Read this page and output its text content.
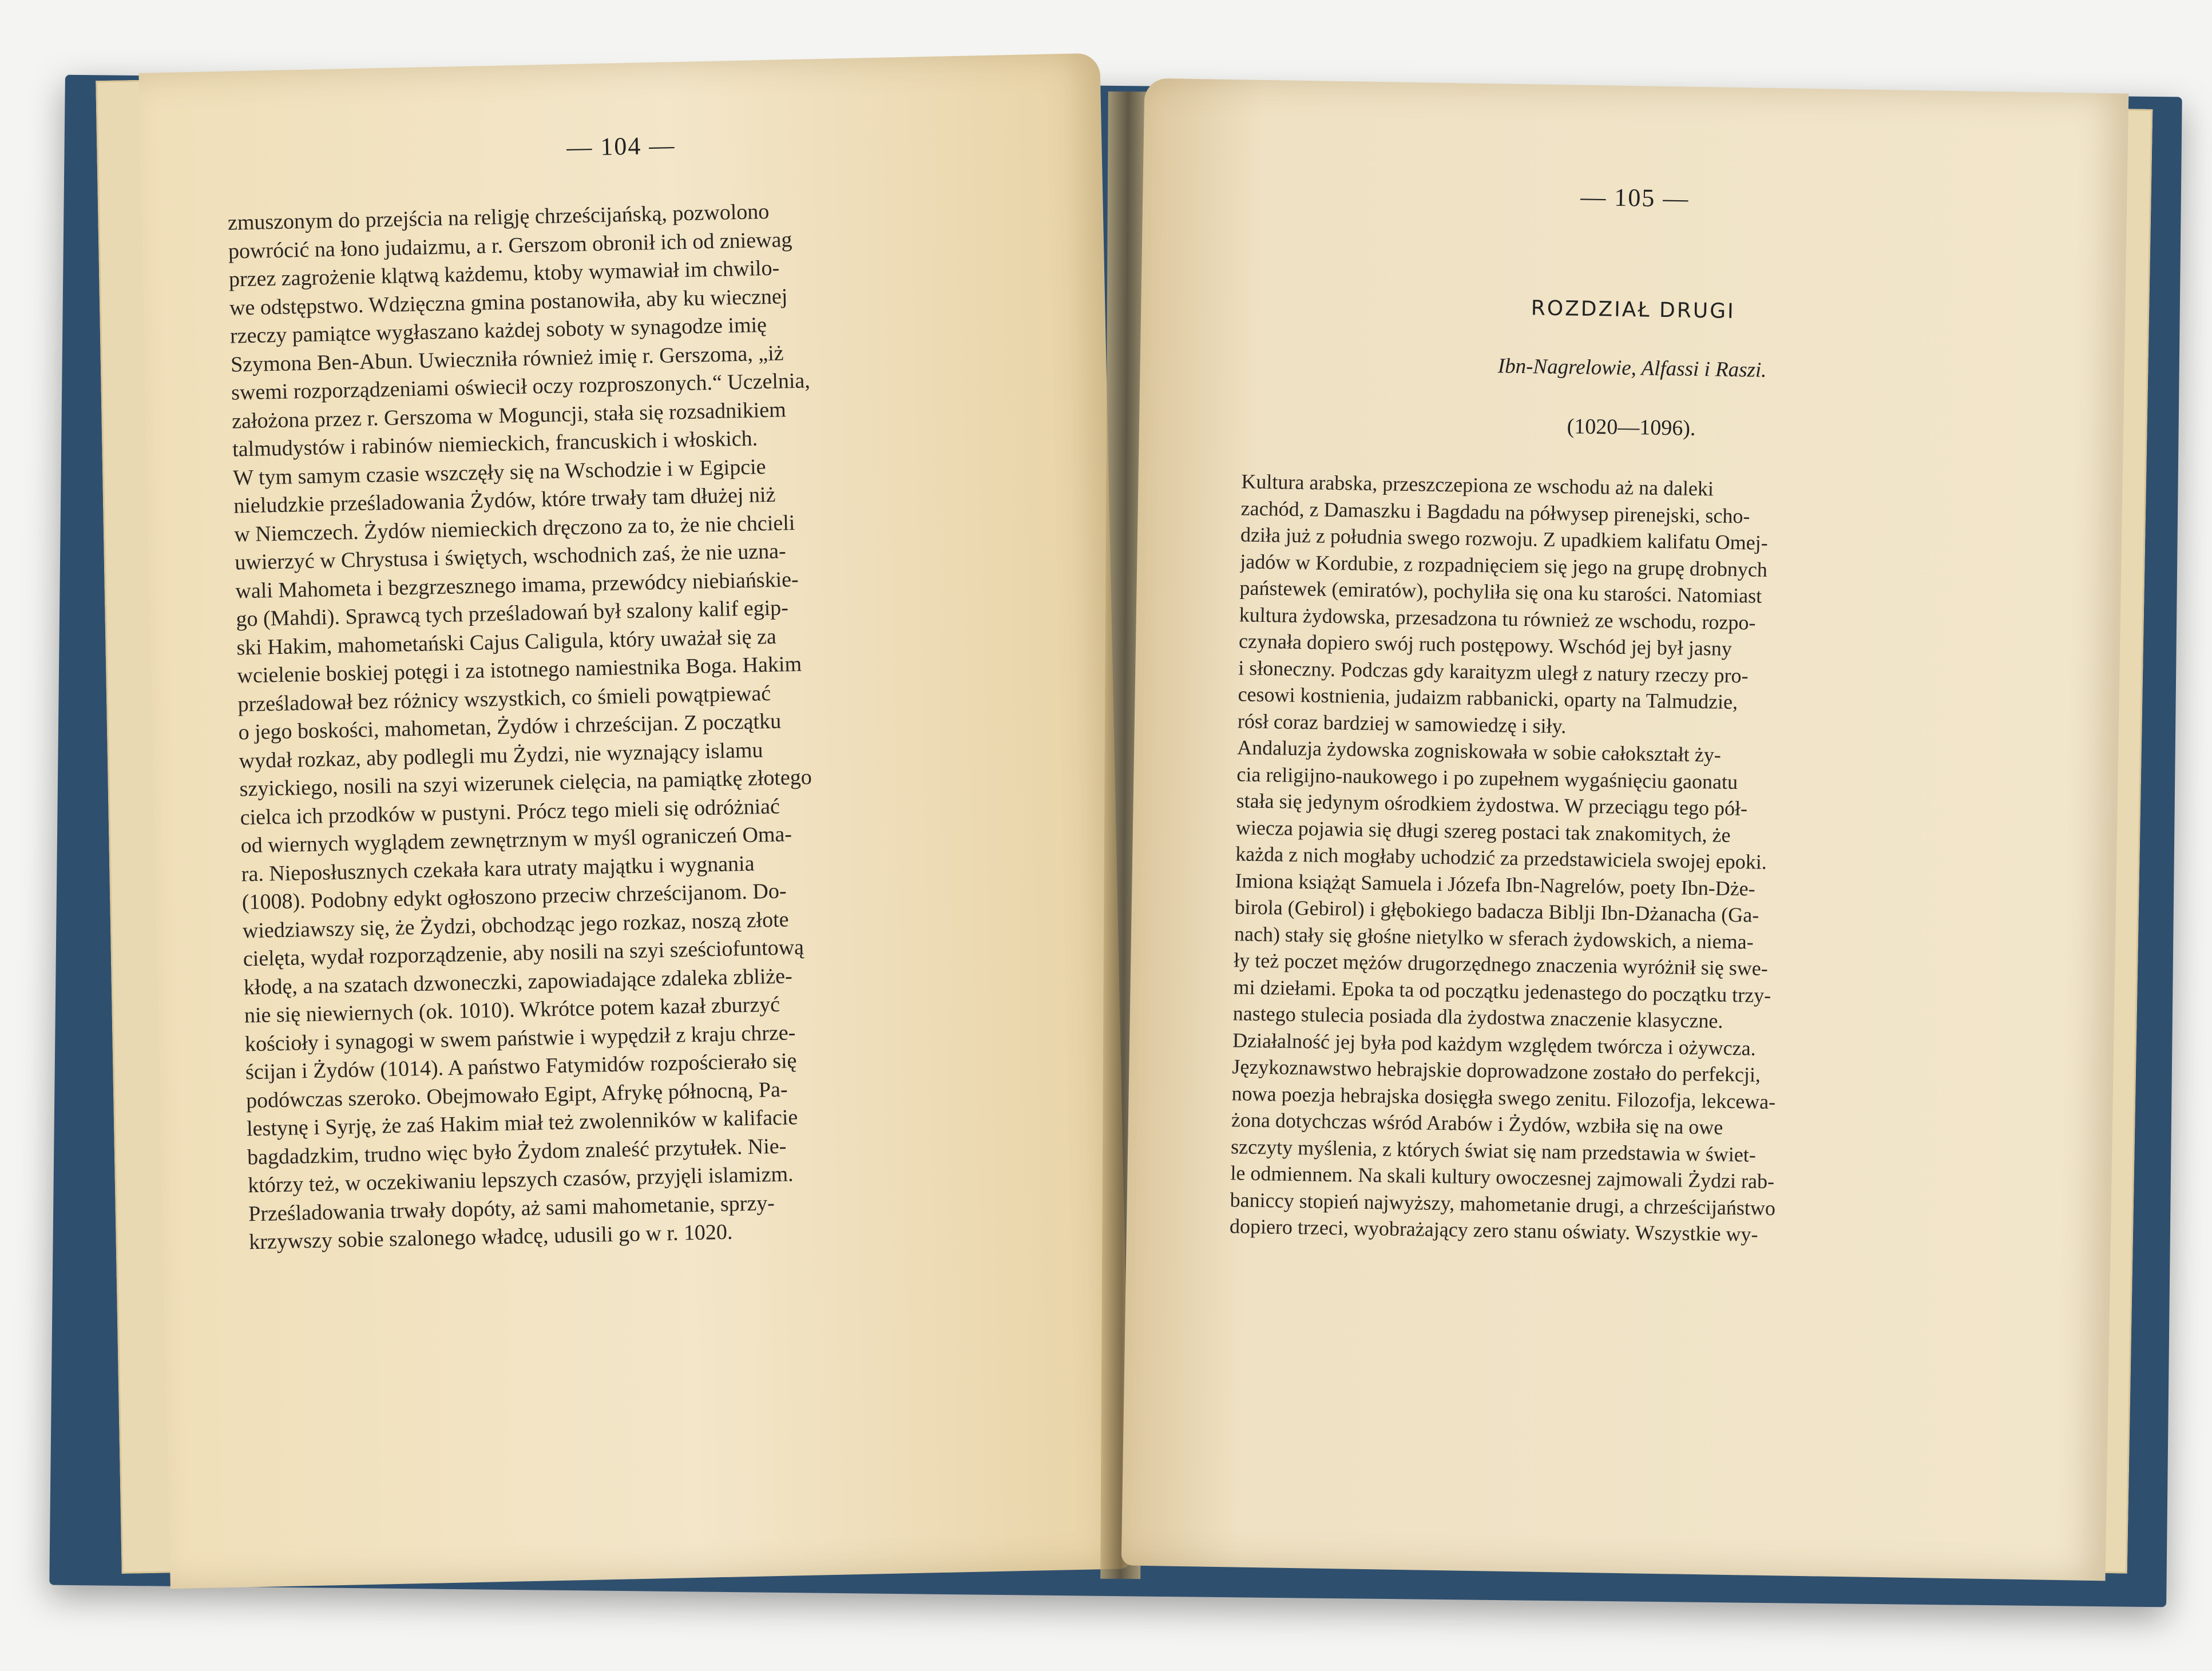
— 104 —

zmuszonym do przejścia na religję chrześcijańską, pozwolono

powrócić na łono judaizmu, a r. Gerszom obronił ich od zniewag

przez zagrożenie klątwą każdemu, ktoby wymawiał im chwilo-

we odstępstwo. Wdzięczna gmina postanowiła, aby ku wiecznej

rzeczy pamiątce wygłaszano każdej soboty w synagodze imię

Szymona Ben-Abun. Uwieczniła również imię r. Gerszoma, „iż

swemi rozporządzeniami oświecił oczy rozproszonych.“ Uczelnia,

założona przez r. Gerszoma w Moguncji, stała się rozsadnikiem

talmudystów i rabinów niemieckich, francuskich i włoskich.

W tym samym czasie wszczęły się na Wschodzie i w Egipcie

nieludzkie prześladowania Żydów, które trwały tam dłużej niż

w Niemczech. Żydów niemieckich dręczono za to, że nie chcieli

uwierzyć w Chrystusa i świętych, wschodnich zaś, że nie uzna-

wali Mahometa i bezgrzesznego imama, przewódcy niebiańskie-

go (Mahdi). Sprawcą tych prześladowań był szalony kalif egip-

ski Hakim, mahometański Cajus Caligula, który uważał się za

wcielenie boskiej potęgi i za istotnego namiestnika Boga. Hakim

prześladował bez różnicy wszystkich, co śmieli powątpiewać

o jego boskości, mahometan, Żydów i chrześcijan. Z początku

wydał rozkaz, aby podlegli mu Żydzi, nie wyznający islamu

szyickiego, nosili na szyi wizerunek cielęcia, na pamiątkę złotego

cielca ich przodków w pustyni. Prócz tego mieli się odróżniać

od wiernych wyglądem zewnętrznym w myśl ograniczeń Oma-

ra. Nieposłusznych czekała kara utraty majątku i wygnania

(1008). Podobny edykt ogłoszono przeciw chrześcijanom. Do-

wiedziawszy się, że Żydzi, obchodząc jego rozkaz, noszą złote

cielęta, wydał rozporządzenie, aby nosili na szyi sześciofuntową

kłodę, a na szatach dzwoneczki, zapowiadające zdaleka zbliże-

nie się niewiernych (ok. 1010). Wkrótce potem kazał zburzyć

kościoły i synagogi w swem państwie i wypędził z kraju chrze-

ścijan i Żydów (1014). A państwo Fatymidów rozpościerało się

podówczas szeroko. Obejmowało Egipt, Afrykę północną, Pa-

lestynę i Syrję, że zaś Hakim miał też zwolenników w kalifacie

bagdadzkim, trudno więc było Żydom znaleść przytułek. Nie-

którzy też, w oczekiwaniu lepszych czasów, przyjęli islamizm.

Prześladowania trwały dopóty, aż sami mahometanie, sprzy-

krzywszy sobie szalonego władcę, udusili go w r. 1020.

— 105 —
ROZDZIAŁ DRUGI
Ibn-Nagrelowie, Alfassi i Raszi.
(1020—1096).

Kultura arabska, przeszczepiona ze wschodu aż na daleki

zachód, z Damaszku i Bagdadu na półwysep pirenejski, scho-

dziła już z południa swego rozwoju. Z upadkiem kalifatu Omej-

jadów w Kordubie, z rozpadnięciem się jego na grupę drobnych

państewek (emiratów), pochyliła się ona ku starości. Natomiast

kultura żydowska, przesadzona tu również ze wschodu, rozpo-

czynała dopiero swój ruch postępowy. Wschód jej był jasny

i słoneczny. Podczas gdy karaityzm uległ z natury rzeczy pro-

cesowi kostnienia, judaizm rabbanicki, oparty na Talmudzie,

rósł coraz bardziej w samowiedzę i siły.

Andaluzja żydowska zogniskowała w sobie całokształt ży-

cia religijno-naukowego i po zupełnem wygaśnięciu gaonatu

stała się jedynym ośrodkiem żydostwa. W przeciągu tego pół-

wiecza pojawia się długi szereg postaci tak znakomitych, że

każda z nich mogłaby uchodzić za przedstawiciela swojej epoki.

Imiona książąt Samuela i Józefa Ibn-Nagrelów, poety Ibn-Dże-

birola (Gebirol) i głębokiego badacza Biblji Ibn-Dżanacha (Ga-

nach) stały się głośne nietylko w sferach żydowskich, a niema-

ły też poczet mężów drugorzędnego znaczenia wyróżnił się swe-

mi dziełami. Epoka ta od początku jedenastego do początku trzy-

nastego stulecia posiada dla żydostwa znaczenie klasyczne.

Działalność jej była pod każdym względem twórcza i ożywcza.

Językoznawstwo hebrajskie doprowadzone zostało do perfekcji,

nowa poezja hebrajska dosięgła swego zenitu. Filozofja, lekcewa-

żona dotychczas wśród Arabów i Żydów, wzbiła się na owe

szczyty myślenia, z których świat się nam przedstawia w świet-

le odmiennem. Na skali kultury owoczesnej zajmowali Żydzi rab-

baniccy stopień najwyższy, mahometanie drugi, a chrześcijaństwo

dopiero trzeci, wyobrażający zero stanu oświaty. Wszystkie wy-
